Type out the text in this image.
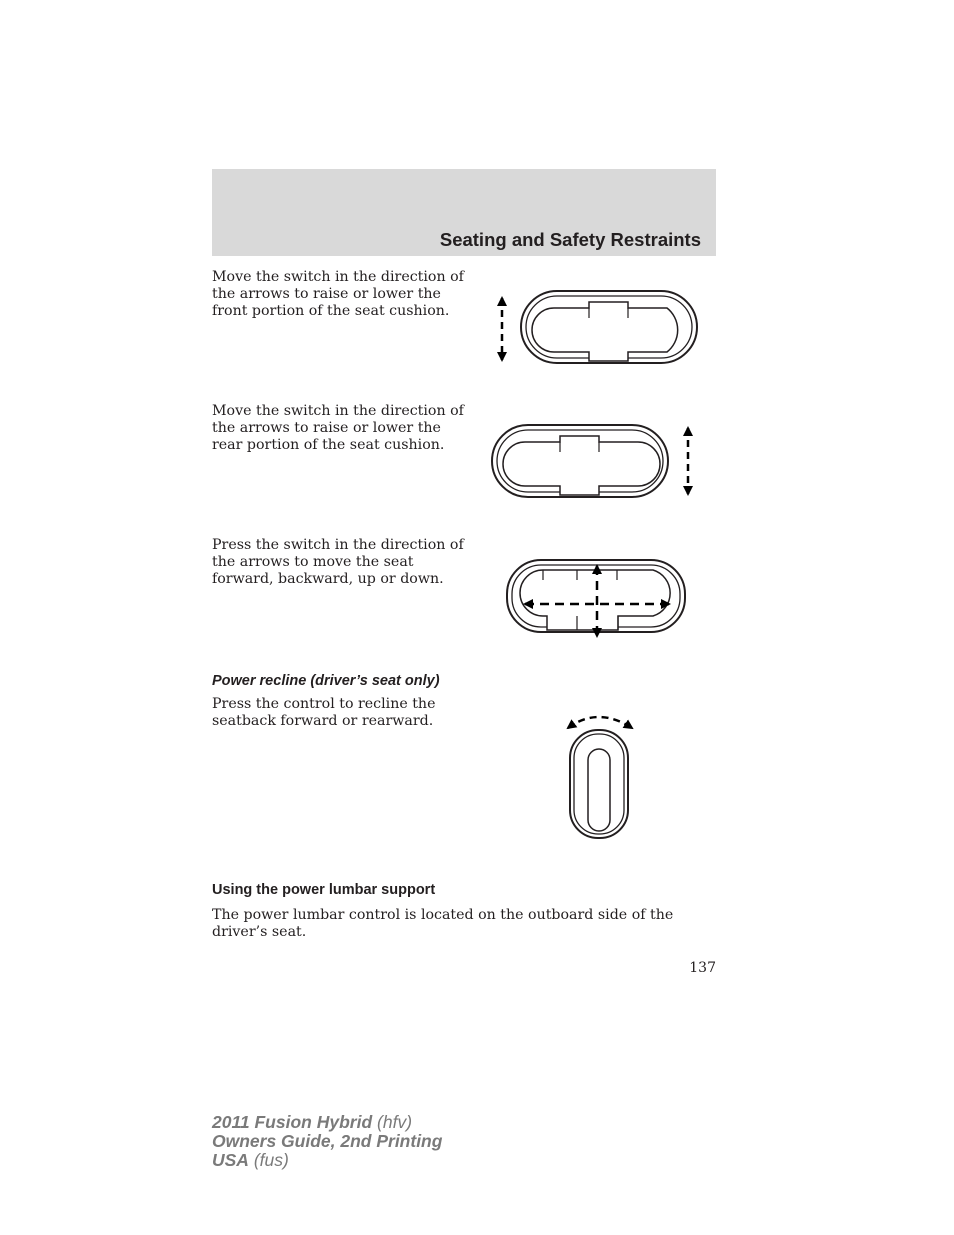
Seating and Safety Restraints

Move the switch in the direction of the arrows to raise or lower the front portion of the seat cushion.

Move the switch in the direction of the arrows to raise or lower the rear portion of the seat cushion.

Press the switch in the direction of the arrows to move the seat forward, backward, up or down.

Power recline (driver’s seat only)

Press the control to recline the seatback forward or rearward.

Using the power lumbar support

The power lumbar control is located on the outboard side of the driver’s seat.

137
2011 Fusion Hybrid (hfv)
Owners Guide, 2nd Printing
USA (fus)
